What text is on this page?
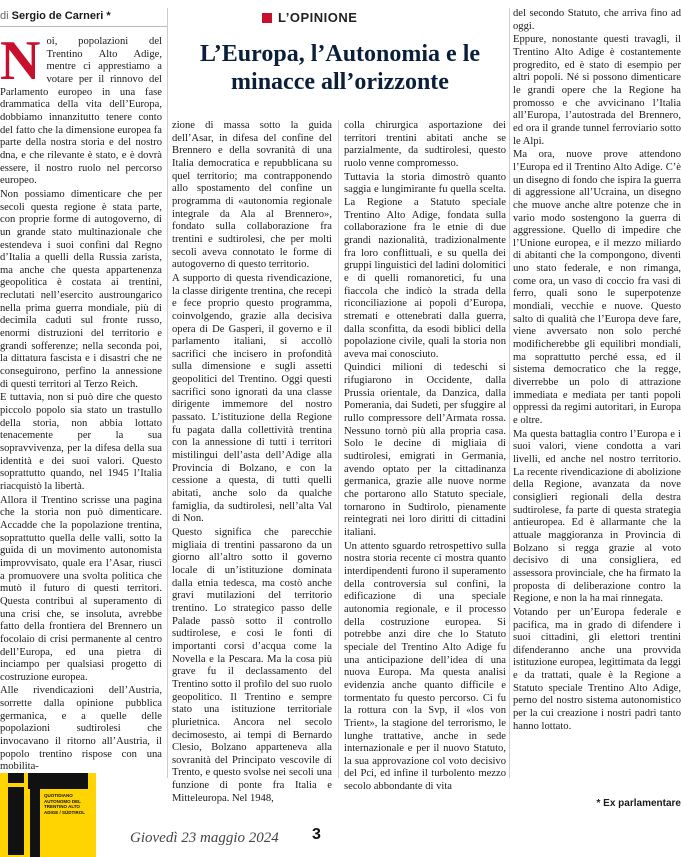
di Sergio de Carneri *	L’OPINIONE
L’Europa, l’Autonomia e le minacce all’orizzonte

Noi, popolazioni del Trentino Alto Adige, mentre ci apprestiamo a votare per il rinnovo del Parlamento europeo in una fase drammatica della vita dell’Europa, dobbiamo innanzitutto tenere conto del fatto che la dimensione europea fa parte della nostra storia e del nostro dna, e che rilevante è stato, e è dovrà essere, il nostro ruolo nel percorso europeo.

Non possiamo dimenticare che per secoli questa regione è stata parte, con proprie forme di autogoverno, di un grande stato multinazionale che estendeva i suoi confini dal Regno d’Italia a quelli della Russia zarista, ma anche che questa appartenenza geopolitica è costata ai trentini, reclutati nell’esercito austroungarico nella prima guerra mondiale, più di decimila caduti sul fronte russo, enormi distruzioni del territorio e grandi sofferenze; nella seconda poi, la dittatura fascista e i disastri che ne conseguirono, perfino la annessione di questi territori al Terzo Reich.

E tuttavia, non si può dire che questo piccolo popolo sia stato un trastullo della storia, non abbia lottato tenacemente per la sua sopravvivenza, per la difesa della sua identità e dei suoi valori. Questo soprattutto quando, nel 1945 l’Italia riacquistò la libertà.

Allora il Trentino scrisse una pagina che la storia non può dimenticare. Accadde che la popolazione trentina, soprattutto quella delle valli, sotto la guida di un movimento autonomista improvvisato, quale era l’Asar, riuscì a promuovere una svolta politica che mutò il futuro di questi territori. Questa contribuì al superamento di una crisi che, se insoluta, avrebbe fatto della frontiera del Brennero un focolaio di crisi permanente al centro dell’Europa, ed una pietra di inciampo per qualsiasi progetto di costruzione europea.

Alle rivendicazioni dell’Austria, sorrette dalla opinione pubblica germanica, e a quelle delle popolazioni sudtirolesi che invocavano il ritorno all’Austria, il popolo trentino rispose con una mobilita-

zione di massa sotto la guida dell’Asar, in difesa del confine del Brennero e della sovranità di una Italia democratica e repubblicana su quel territorio; ma contrapponendo allo spostamento del confine un programma di «autonomia regionale integrale da Ala al Brennero», fondato sulla collaborazione fra trentini e sudtirolesi, che per molti secoli aveva connotato le forme di autogoverno di questo territorio.

A supporto di questa rivendicazione, la classe dirigente trentina, che recepì e fece proprio questo programma, coinvolgendo, grazie alla decisiva opera di De Gasperi, il governo e il parlamento italiani, si accollò sacrifici che incisero in profondità sulla dimensione e sugli assetti geopolitici del Trentino. Oggi questi sacrifici sono ignorati da una classe dirigente immemore del nostro passato. L’istituzione della Regione fu pagata dalla collettività trentina con la annessione di tutti i territori mistilingui dell’asta dell’Adige alla Provincia di Bolzano, e con la cessione a questa, di tutti quelli abitati, anche solo da qualche famiglia, da sudtirolesi, nell’alta Val di Non.

Questo significa che parecchie migliaia di trentini passarono da un giorno all’altro sotto il governo locale di un’istituzione dominata dalla etnia tedesca, ma costò anche gravi mutilazioni del territorio trentino. Lo strategico passo delle Palade passò sotto il controllo sudtirolese, e così le fonti di importanti corsi d’acqua come la Novella e la Pescara. Ma la cosa più grave fu il declassamento del Trentino sotto il profilo del suo ruolo geopolitico. Il Trentino e sempre stato una istituzione territoriale plurietnica. Ancora nel secolo decimosesto, ai tempi di Bernardo Clesio, Bolzano apparteneva alla sovranità del Principato vescovile di Trento, e questo svolse nei secoli una funzione di ponte fra Italia e Mitteleuropa. Nel 1948,

colla chirurgica asportazione dei territori trentini abitati anche se parzialmente, da sudtirolesi, questo ruolo venne compromesso.

Tuttavia la storia dimostrò quanto saggia e lungimirante fu quella scelta. La Regione a Statuto speciale Trentino Alto Adige, fondata sulla collaborazione fra le etnie di due grandi nazionalità, tradizionalmente fra loro conflittuali, e su quella dei gruppi linguistici del ladini dolomitici e di quelli romanoretici, fu una fiaccola che indicò la strada della riconciliazione ai popoli d’Europa, stremati e ottenebrati dalla guerra, dalla sconfitta, da esodi biblici della popolazione civile, quali la storia non aveva mai conosciuto.

Quindici milioni di tedeschi si rifugiarono in Occidente, dalla Prussia orientale, da Danzica, dalla Pomerania, dai Sudeti, per sfuggire al rullo compressore dell’Armata rossa. Nessuno tornò più alla propria casa. Solo le decine di migliaia di sudtirolesi, emigrati in Germania, avendo optato per la cittadinanza germanica, grazie alle nuove norme che portarono allo Statuto speciale, tornarono in Sudtirolo, pienamente reintegrati nei loro diritti di cittadini italiani.

Un attento sguardo retrospettivo sulla nostra storia recente ci mostra quanto interdipendenti furono il superamento della controversia sul confini, la edificazione di una speciale autonomia regionale, e il processo della costruzione europea. Si potrebbe anzi dire che lo Statuto speciale del Trentino Alto Adige fu una anticipazione dell’idea di una nuova Europa. Ma questa analisi evidenzia anche quanto difficile e tormentato fu questo percorso. Ci fu la rottura con la Svp, il «los von Trient», la stagione del terrorismo, le lunghe trattative, anche in sede internazionale e per il nuovo Statuto, la sua approvazione col voto decisivo del Pci, ed infine il turbolento mezzo secolo abbondante di vita

del secondo Statuto, che arriva fino ad oggi.

Eppure, nonostante questi travagli, il Trentino Alto Adige è costantemente progredito, ed è stato di esempio per altri popoli. Né si possono dimenticare le grandi opere che la Regione ha promosso e che avvicinano l’Italia all’Europa, l’autostrada del Brennero, ed ora il grande tunnel ferroviario sotto le Alpi.

Ma ora, nuove prove attendono l’Europa ed il Trentino Alto Adige. C’è un disegno di fondo che ispira la guerra di aggressione all’Ucraina, un disegno che muove anche altre potenze che in vario modo sostengono la guerra di aggressione. Quello di impedire che l’Unione europea, e il mezzo miliardo di abitanti che la compongono, diventi uno stato federale, e non rimanga, come ora, un vaso di coccio fra vasi di ferro, quali sono le superpotenze mondiali, vecchie e nuove. Questo salto di qualità che l’Europa deve fare, viene avversato non solo perché modificherebbe gli equilibri mondiali, ma soprattutto perché essa, ed il sistema democratico che la regge, diverrebbe un polo di attrazione immediata e mediata per tanti popoli oppressi da regimi autoritari, in Europa e oltre.

Ma questa battaglia contro l’Europa e i suoi valori, viene condotta a vari livelli, ed anche nel nostro territorio. La recente rivendicazione di abolizione della Regione, avanzata da nove consiglieri regionali della destra sudtirolese, fa parte di questa strategia antieuropea. Ed è allarmante che la attuale maggioranza in Provincia di Bolzano si regga grazie al voto decisivo di una consigliera, ed assessora provinciale, che ha firmato la proposta di deliberazione contro la Regione, e non la ha mai rinnegata.

Votando per un’Europa federale e pacifica, ma in grado di difendere i suoi cittadini, gli elettori trentini difenderanno anche una provvida istituzione europea, legittimata da leggi e da trattati, quale è la Regione a Statuto speciale Trentino Alto Adige, perno del nostro sistema autonomistico per la cui creazione i nostri padri tanto hanno lottato.

* Ex parlamentare
QUOTIDIANO AUTONOMO DEL TRENTINO ALTO ADIGE / SÜDTIROL
Giovedì 23 maggio 2024 3
